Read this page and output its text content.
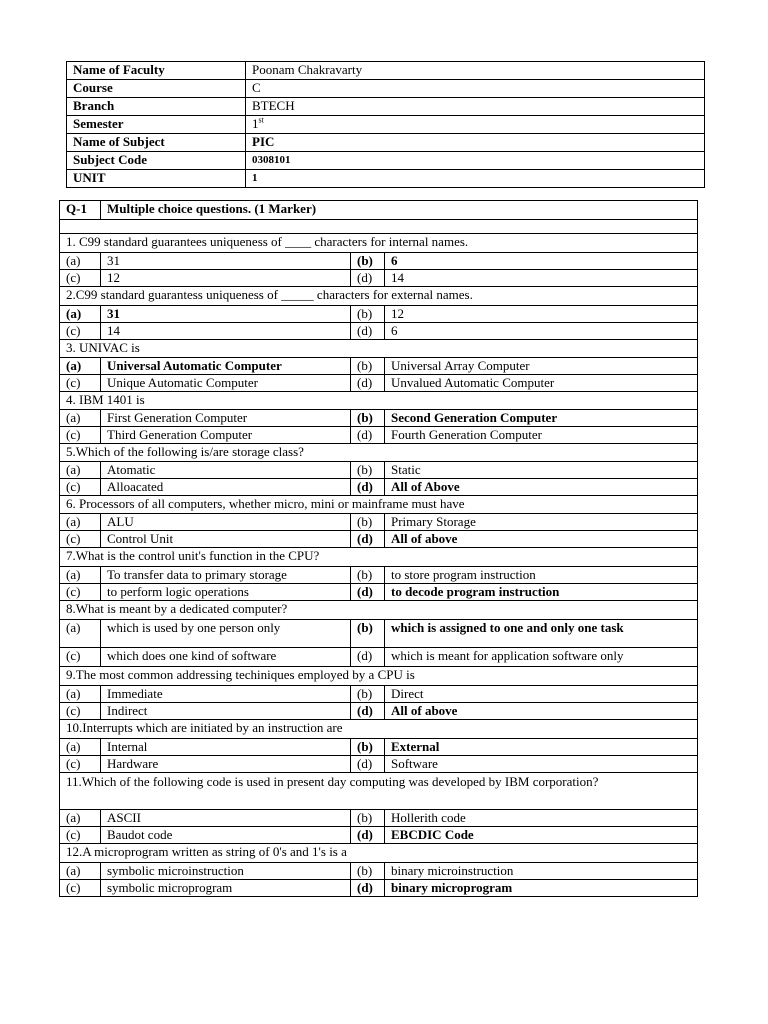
Name of Faculty	Poonam Chakravarty
Course	C
Branch	BTECH
Semester	1st
Name of Subject	PIC
Subject Code	0308101
UNIT	1
Q-1	Multiple choice questions. (1 Marker)		

1. C99 standard guarantees uniqueness of ____ characters for internal names.			
(a)	31	(b)	6
(c)	12	(d)	14
2.C99 standard guarantess uniqueness of _____ characters for external names.			
(a)	31	(b)	12
(c)	14	(d)	6
3. UNIVAC is			
(a)	Universal Automatic Computer	(b)	Universal Array Computer
(c)	Unique Automatic Computer	(d)	Unvalued Automatic Computer
4. IBM 1401 is			
(a)	First Generation Computer	(b)	Second Generation Computer
(c)	Third Generation Computer	(d)	Fourth Generation Computer
5.Which of the following is/are storage class?			
(a)	Atomatic	(b)	Static
(c)	Alloacated	(d)	All of Above
6. Processors of all computers, whether micro, mini or mainframe must have			
(a)	ALU	(b)	Primary Storage
(c)	Control Unit	(d)	All of above
7.What is the control unit's function in the CPU?			
(a)	To transfer data to primary storage	(b)	to store program instruction
(c)	to perform logic operations	(d)	to decode program instruction
8.What is meant by a dedicated computer?			
(a)	which is used by one person only	(b)	which is assigned to one and only one task
(c)	which does one kind of software	(d)	which is meant for application software only
9.The most common addressing techiniques employed by a CPU is			
(a)	Immediate	(b)	Direct
(c)	Indirect	(d)	All of above
10.Interrupts which are initiated by an instruction are			
(a)	Internal	(b)	External
(c)	Hardware	(d)	Software
11.Which of the following code is used in present day computing was developed by IBM corporation?			
(a)	ASCII	(b)	Hollerith code
(c)	Baudot code	(d)	EBCDIC Code
12.A microprogram written as string of 0's and 1's is a			
(a)	symbolic microinstruction	(b)	binary microinstruction
(c)	symbolic microprogram	(d)	binary microprogram
